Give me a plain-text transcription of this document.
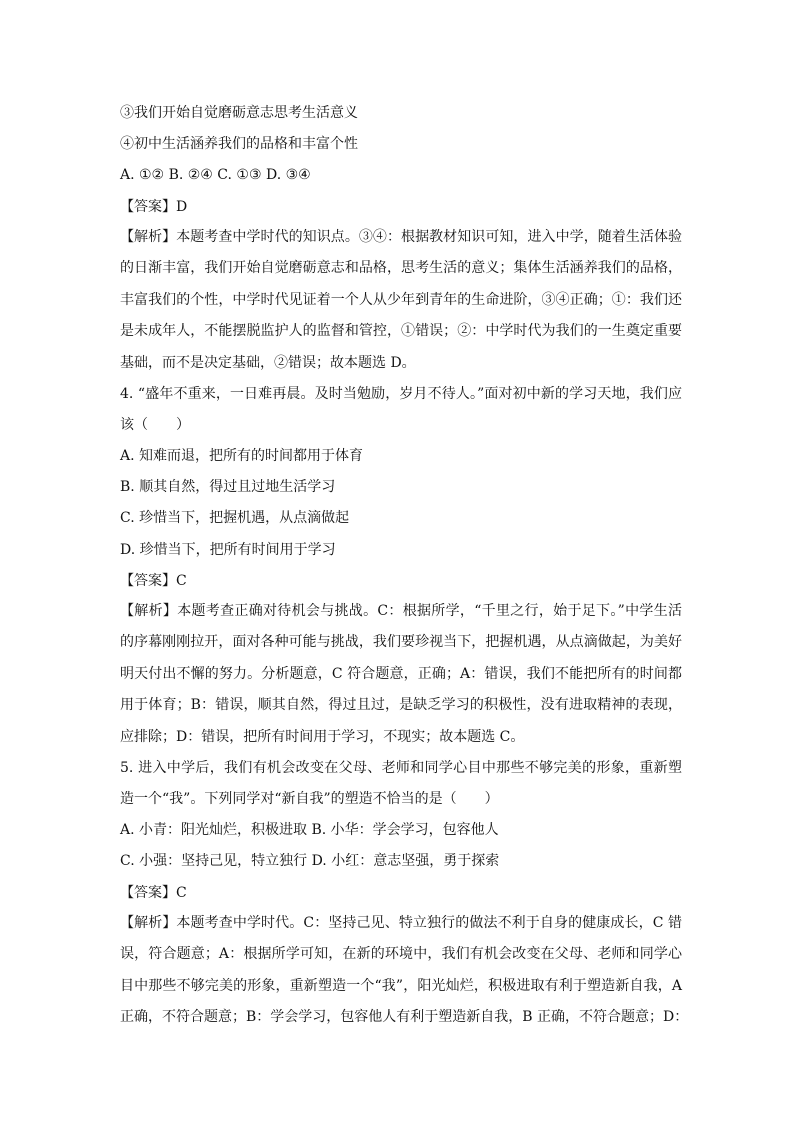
③我们开始自觉磨砺意志思考生活意义
④初中生活涵养我们的品格和丰富个性
A. ①② B. ②④ C. ①③ D. ③④
【答案】D
【解析】本题考查中学时代的知识点。③④：根据教材知识可知，进入中学，随着生活体验
的日渐丰富，我们开始自觉磨砺意志和品格，思考生活的意义；集体生活涵养我们的品格，
丰富我们的个性，中学时代见证着一个人从少年到青年的生命进阶，③④正确；①：我们还
是未成年人，不能摆脱监护人的监督和管控，①错误；②：中学时代为我们的一生奠定重要
基础，而不是决定基础，②错误；故本题选 D。
4. “盛年不重来，一日难再晨。及时当勉励，岁月不待人。”面对初中新的学习天地，我们应
该（　　）
A. 知难而退，把所有的时间都用于体育
B. 顺其自然，得过且过地生活学习
C. 珍惜当下，把握机遇，从点滴做起
D. 珍惜当下，把所有时间用于学习
【答案】C
【解析】本题考查正确对待机会与挑战。C：根据所学，“千里之行，始于足下。”中学生活
的序幕刚刚拉开，面对各种可能与挑战，我们要珍视当下，把握机遇，从点滴做起，为美好
明天付出不懈的努力。分析题意，C 符合题意，正确；A：错误，我们不能把所有的时间都
用于体育；B：错误，顺其自然，得过且过，是缺乏学习的积极性，没有进取精神的表现，
应排除；D：错误，把所有时间用于学习，不现实；故本题选 C。
5. 进入中学后，我们有机会改变在父母、老师和同学心目中那些不够完美的形象，重新塑
造一个“我”。下列同学对“新自我”的塑造不恰当的是（　　）
A. 小青：阳光灿烂，积极进取 B. 小华：学会学习，包容他人
C. 小强：坚持己见，特立独行 D. 小红：意志坚强，勇于探索
【答案】C
【解析】本题考查中学时代。C：坚持己见、特立独行的做法不利于自身的健康成长，C 错
误，符合题意；A：根据所学可知，在新的环境中，我们有机会改变在父母、老师和同学心
目中那些不够完美的形象，重新塑造一个“我”，阳光灿烂，积极进取有利于塑造新自我，A
正确，不符合题意；B：学会学习，包容他人有利于塑造新自我，B 正确，不符合题意；D：
